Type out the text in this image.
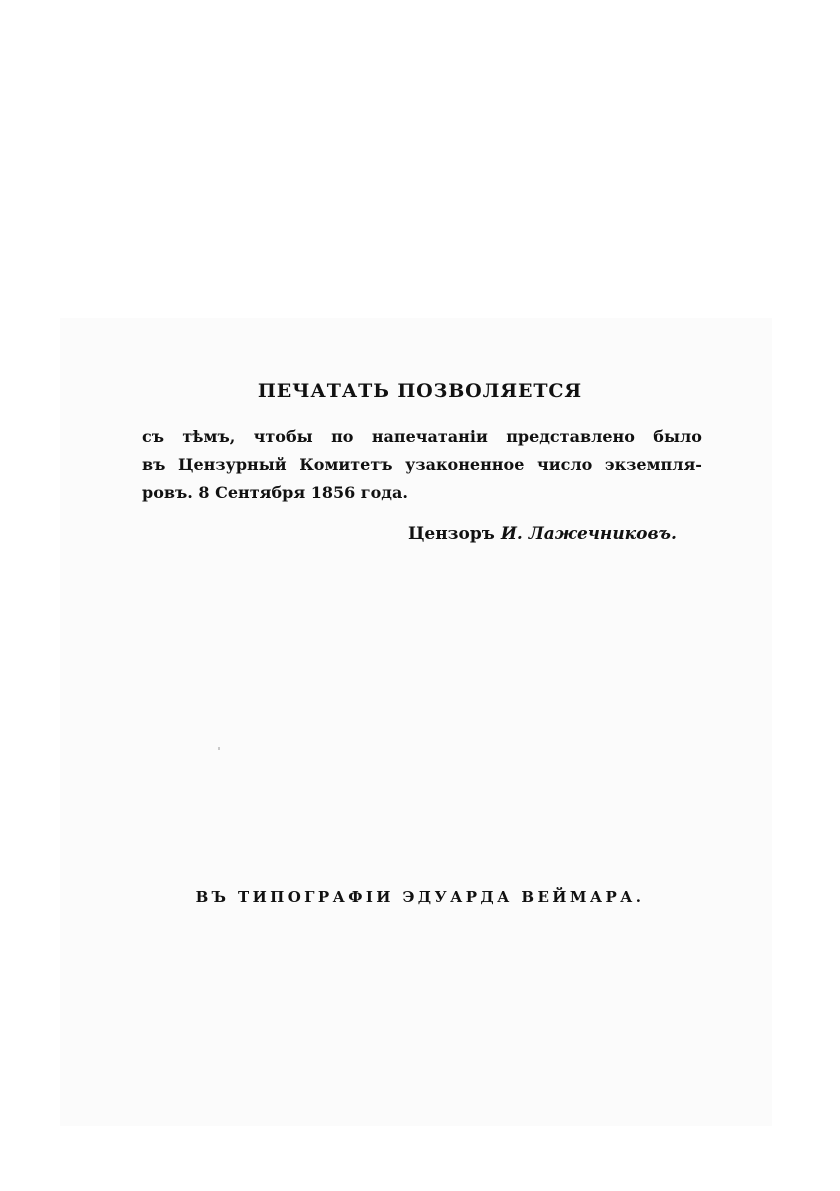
ПЕЧАТАТЬ ПОЗВОЛЯЕТСЯ
съ тѣмъ, чтобы по напечатаніи представлено было
въ Цензурный Комитетъ узаконенное число экземпля-
ровъ. 8 Сентября 1856 года.
Цензоръ И. Лажечниковъ.
ВЪ ТИПОГРАФІИ ЭДУАРДА ВЕЙМАРА.
